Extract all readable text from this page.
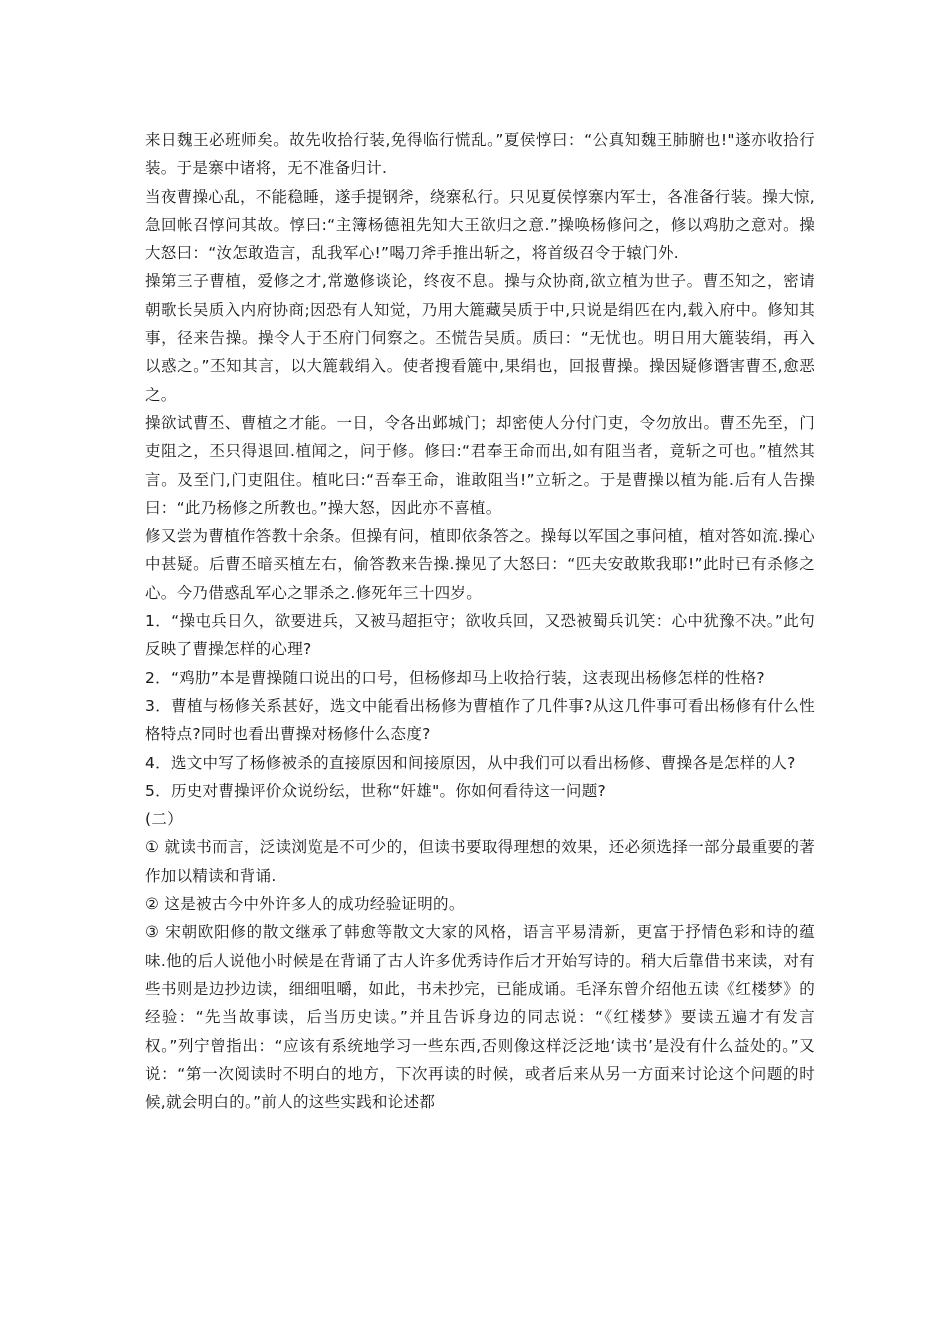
来日魏王必班师矣。故先收拾行装,免得临行慌乱。”夏侯惇曰：“公真知魏王肺腑也!"遂亦收拾行装。于是寨中诸将，无不准备归计.

当夜曹操心乱，不能稳睡，遂手提钢斧，绕寨私行。只见夏侯惇寨内军士，各准备行装。操大惊,急回帐召惇问其故。惇曰:“主簿杨德祖先知大王欲归之意.”操唤杨修问之，修以鸡肋之意对。操大怒曰：“汝怎敢造言，乱我军心!”喝刀斧手推出斩之，将首级召令于辕门外.

操第三子曹植，爱修之才,常邀修谈论，终夜不息。操与众协商,欲立植为世子。曹丕知之，密请朝歌长吴质入内府协商;因恐有人知觉，乃用大簏藏吴质于中,只说是绢匹在内,载入府中。修知其事，径来告操。操令人于丕府门伺察之。丕慌告吴质。质曰：“无忧也。明日用大簏装绢，再入以惑之。”丕知其言，以大簏载绢入。使者搜看簏中,果绢也，回报曹操。操因疑修谮害曹丕,愈恶之。

操欲试曹丕、曹植之才能。一日，令各出邺城门；却密使人分付门吏，令勿放出。曹丕先至，门吏阻之，丕只得退回.植闻之，问于修。修曰:“君奉王命而出,如有阻当者，竟斩之可也。”植然其言。及至门,门吏阻住。植叱曰:“吾奉王命，谁敢阻当!”立斩之。于是曹操以植为能.后有人告操曰：“此乃杨修之所教也。”操大怒，因此亦不喜植。

修又尝为曹植作答教十余条。但操有问，植即依条答之。操每以军国之事问植，植对答如流.操心中甚疑。后曹丕暗买植左右，偷答教来告操.操见了大怒曰：“匹夫安敢欺我耶!”此时已有杀修之心。今乃借惑乱军心之罪杀之.修死年三十四岁。

1．“操屯兵日久，欲要进兵，又被马超拒守；欲收兵回，又恐被蜀兵讥笑：心中犹豫不决。”此句反映了曹操怎样的心理?

2．“鸡肋”本是曹操随口说出的口号，但杨修却马上收拾行装，这表现出杨修怎样的性格?

3．曹植与杨修关系甚好，选文中能看出杨修为曹植作了几件事?从这几件事可看出杨修有什么性格特点?同时也看出曹操对杨修什么态度?

4．选文中写了杨修被杀的直接原因和间接原因，从中我们可以看出杨修、曹操各是怎样的人?

5．历史对曹操评价众说纷纭，世称“奸雄"。你如何看待这一问题?

(二）

① 就读书而言，泛读浏览是不可少的，但读书要取得理想的效果，还必须选择一部分最重要的著作加以精读和背诵.

② 这是被古今中外许多人的成功经验证明的。

③ 宋朝欧阳修的散文继承了韩愈等散文大家的风格，语言平易清新，更富于抒情色彩和诗的蕴味.他的后人说他小时候是在背诵了古人许多优秀诗作后才开始写诗的。稍大后靠借书来读，对有些书则是边抄边读，细细咀嚼，如此，书未抄完，已能成诵。毛泽东曾介绍他五读《红楼梦》的经验：“先当故事读，后当历史读。”并且告诉身边的同志说：“《红楼梦》要读五遍才有发言权。”列宁曾指出：“应该有系统地学习一些东西,否则像这样泛泛地‘读书’是没有什么益处的。”又说：“第一次阅读时不明白的地方，下次再读的时候，或者后来从另一方面来讨论这个问题的时候,就会明白的。”前人的这些实践和论述都
